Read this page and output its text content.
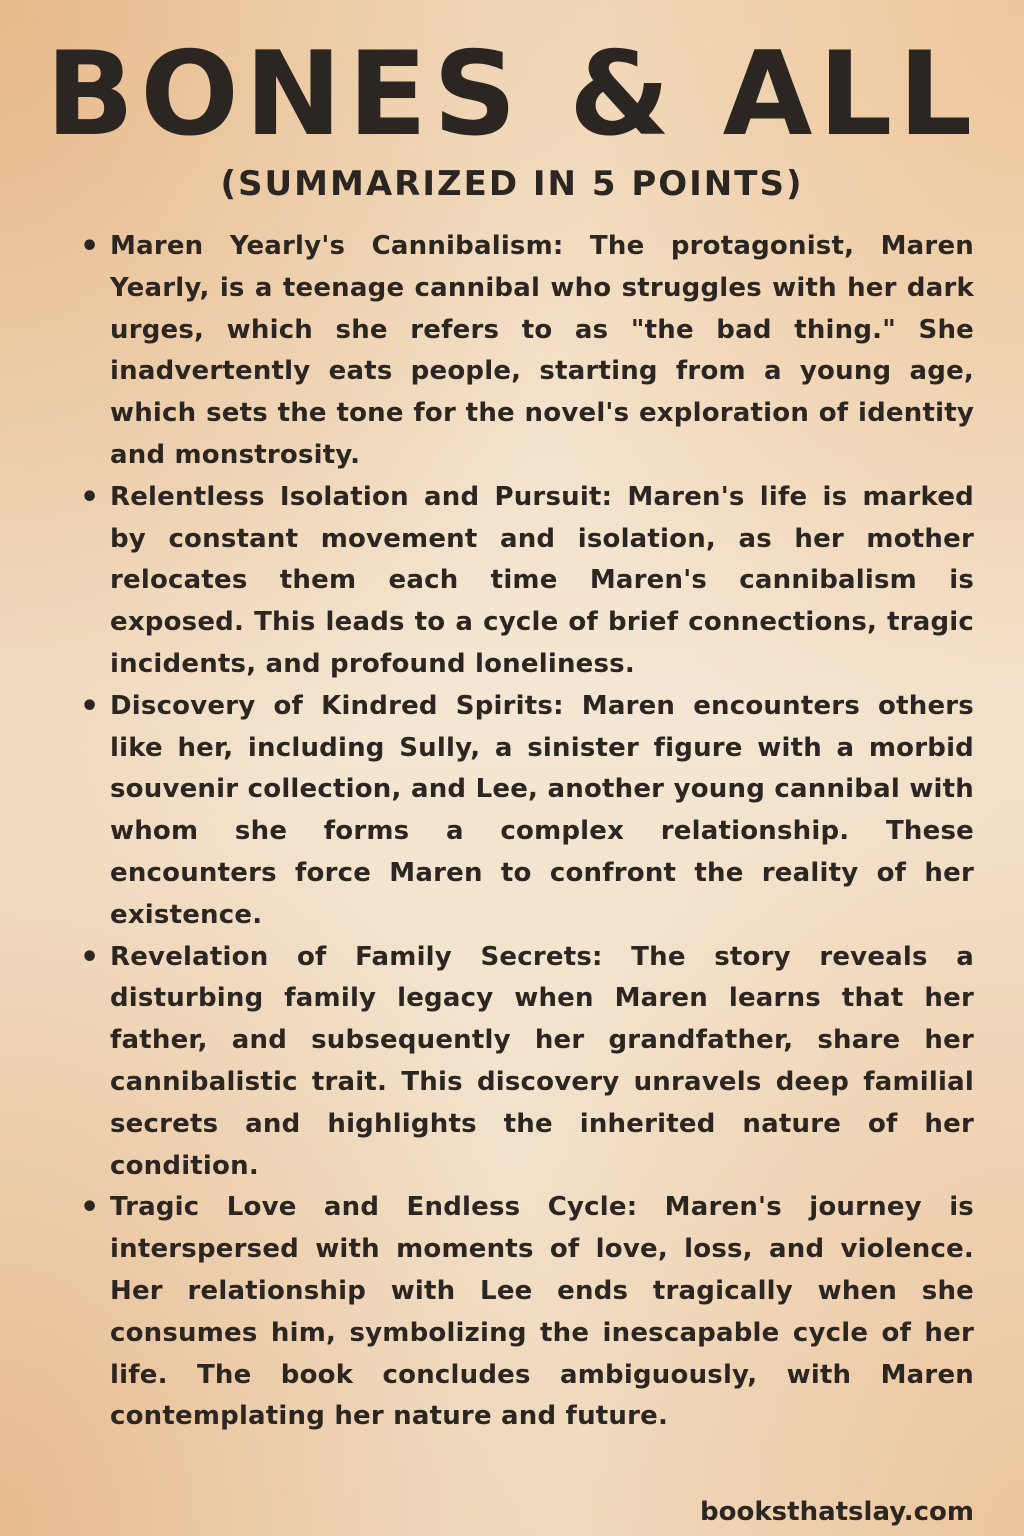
BONES & ALL
(SUMMARIZED IN 5 POINTS)
• Maren Yearly's Cannibalism: The protagonist, Maren Yearly, is a teenage cannibal who struggles with her dark urges, which she refers to as "the bad thing." She inadvertently eats people, starting from a young age, which sets the tone for the novel's exploration of identity and monstrosity.
• Relentless Isolation and Pursuit: Maren's life is marked by constant movement and isolation, as her mother relocates them each time Maren's cannibalism is exposed. This leads to a cycle of brief connections, tragic incidents, and profound loneliness.
• Discovery of Kindred Spirits: Maren encounters others like her, including Sully, a sinister figure with a morbid souvenir collection, and Lee, another young cannibal with whom she forms a complex relationship. These encounters force Maren to confront the reality of her existence.
• Revelation of Family Secrets: The story reveals a disturbing family legacy when Maren learns that her father, and subsequently her grandfather, share her cannibalistic trait. This discovery unravels deep familial secrets and highlights the inherited nature of her condition.
• Tragic Love and Endless Cycle: Maren's journey is interspersed with moments of love, loss, and violence. Her relationship with Lee ends tragically when she consumes him, symbolizing the inescapable cycle of her life. The book concludes ambiguously, with Maren contemplating her nature and future.
booksthatslay.com
